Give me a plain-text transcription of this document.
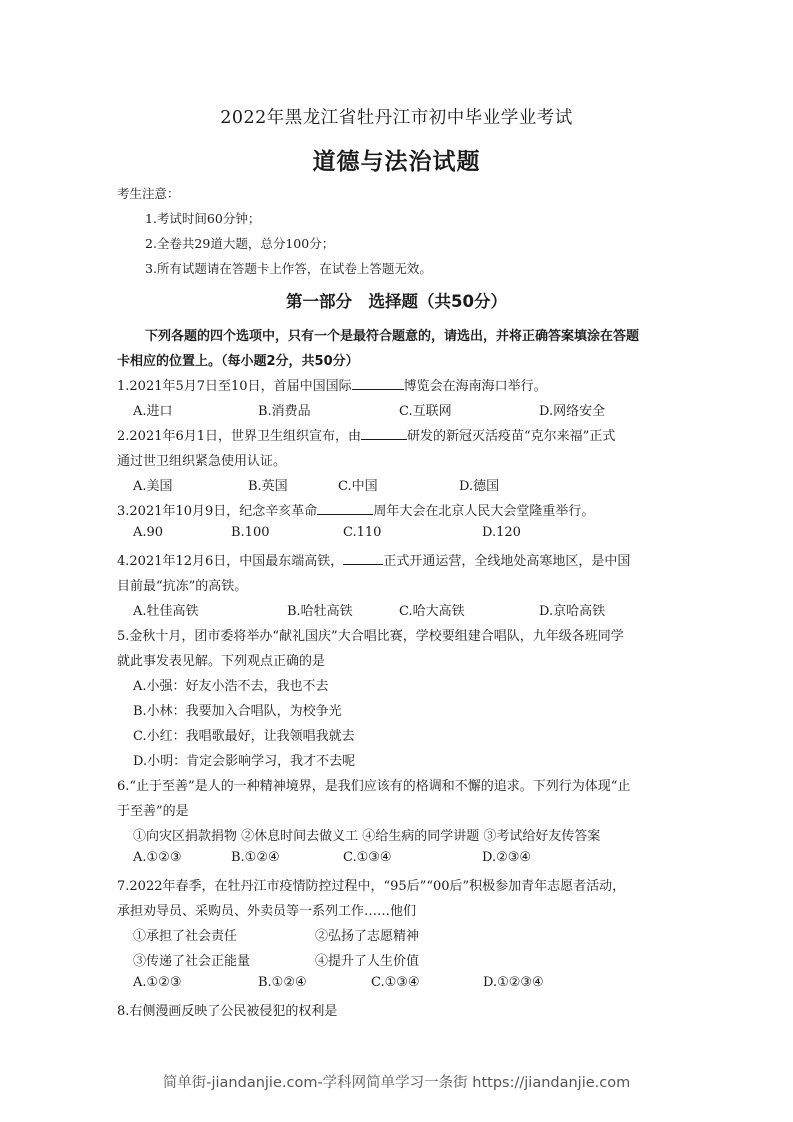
2022年黑龙江省牡丹江市初中毕业学业考试
道德与法治试题
考生注意：
1.考试时间60分钟；
2.全卷共29道大题，总分100分；
3.所有试题请在答题卡上作答，在试卷上答题无效。
第一部分　选择题（共50分）
下列各题的四个选项中，只有一个是最符合题意的，请选出，并将正确答案填涂在答题
卡相应的位置上。（每小题2分，共50分）
1.2021年5月7日至10日，首届中国国际	博览会在海南海口举行。
A.进口	B.消费品	C.互联网	D.网络安全
2.2021年6月1日，世界卫生组织宣布，由	研发的新冠灭活疫苗“克尔来福”正式
通过世卫组织紧急使用认证。
A.美国	B.英国	C.中国	D.德国
3.2021年10月9日，纪念辛亥革命	周年大会在北京人民大会堂隆重举行。
A.90	B.100	C.110	D.120
4.2021年12月6日，中国最东端高铁，	正式开通运营，全线地处高寒地区，是中国
目前最“抗冻”的高铁。
A.牡佳高铁	B.哈牡高铁	C.哈大高铁	D.京哈高铁
5.金秋十月，团市委将举办“献礼国庆”大合唱比赛，学校要组建合唱队，九年级各班同学
就此事发表见解。下列观点正确的是
A.小强：好友小浩不去，我也不去
B.小林：我要加入合唱队，为校争光
C.小红：我唱歌最好，让我领唱我就去
D.小明：肯定会影响学习，我才不去呢
6.“止于至善”是人的一种精神境界，是我们应该有的格调和不懈的追求。下列行为体现“止
于至善”的是
①向灾区捐款捐物 ②休息时间去做义工 ④给生病的同学讲题 ③考试给好友传答案
A.①②③	B.①②④	C.①③④	D.②③④
7.2022年春季，在牡丹江市疫情防控过程中，“95后”“00后”积极参加青年志愿者活动，
承担劝导员、采购员、外卖员等一系列工作……他们
①承担了社会责任	②弘扬了志愿精神
③传递了社会正能量	④提升了人生价值
A.①②③	B.①②④	C.①③④	D.①②③④
8.右侧漫画反映了公民被侵犯的权利是
简单街-jiandanjie.com-学科网简单学习一条街 https://jiandanjie.com
